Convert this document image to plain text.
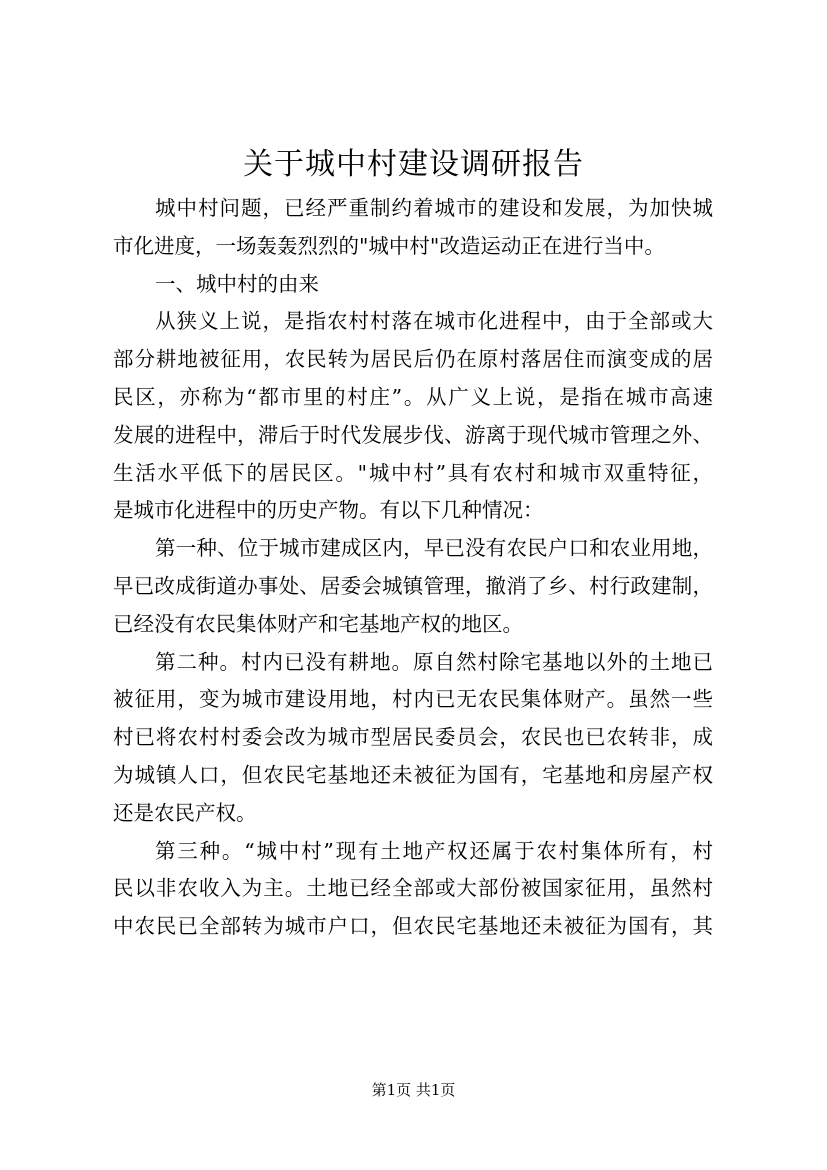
关于城中村建设调研报告
城中村问题，已经严重制约着城市的建设和发展，为加快城
市化进度，一场轰轰烈烈的"城中村"改造运动正在进行当中。
一、城中村的由来
从狭义上说，是指农村村落在城市化进程中，由于全部或大
部分耕地被征用，农民转为居民后仍在原村落居住而演变成的居
民区，亦称为“都市里的村庄”。从广义上说，是指在城市高速
发展的进程中，滞后于时代发展步伐、游离于现代城市管理之外、
生活水平低下的居民区。"城中村”具有农村和城市双重特征，
是城市化进程中的历史产物。有以下几种情况：
第一种、位于城市建成区内，早已没有农民户口和农业用地，
早已改成街道办事处、居委会城镇管理，撤消了乡、村行政建制，
已经没有农民集体财产和宅基地产权的地区。
第二种。村内已没有耕地。原自然村除宅基地以外的土地已
被征用，变为城市建设用地，村内已无农民集体财产。虽然一些
村已将农村村委会改为城市型居民委员会，农民也已农转非，成
为城镇人口，但农民宅基地还未被征为国有，宅基地和房屋产权
还是农民产权。
第三种。“城中村”现有土地产权还属于农村集体所有，村
民以非农收入为主。土地已经全部或大部份被国家征用，虽然村
中农民已全部转为城市户口，但农民宅基地还未被征为国有，其
第1页 共1页
